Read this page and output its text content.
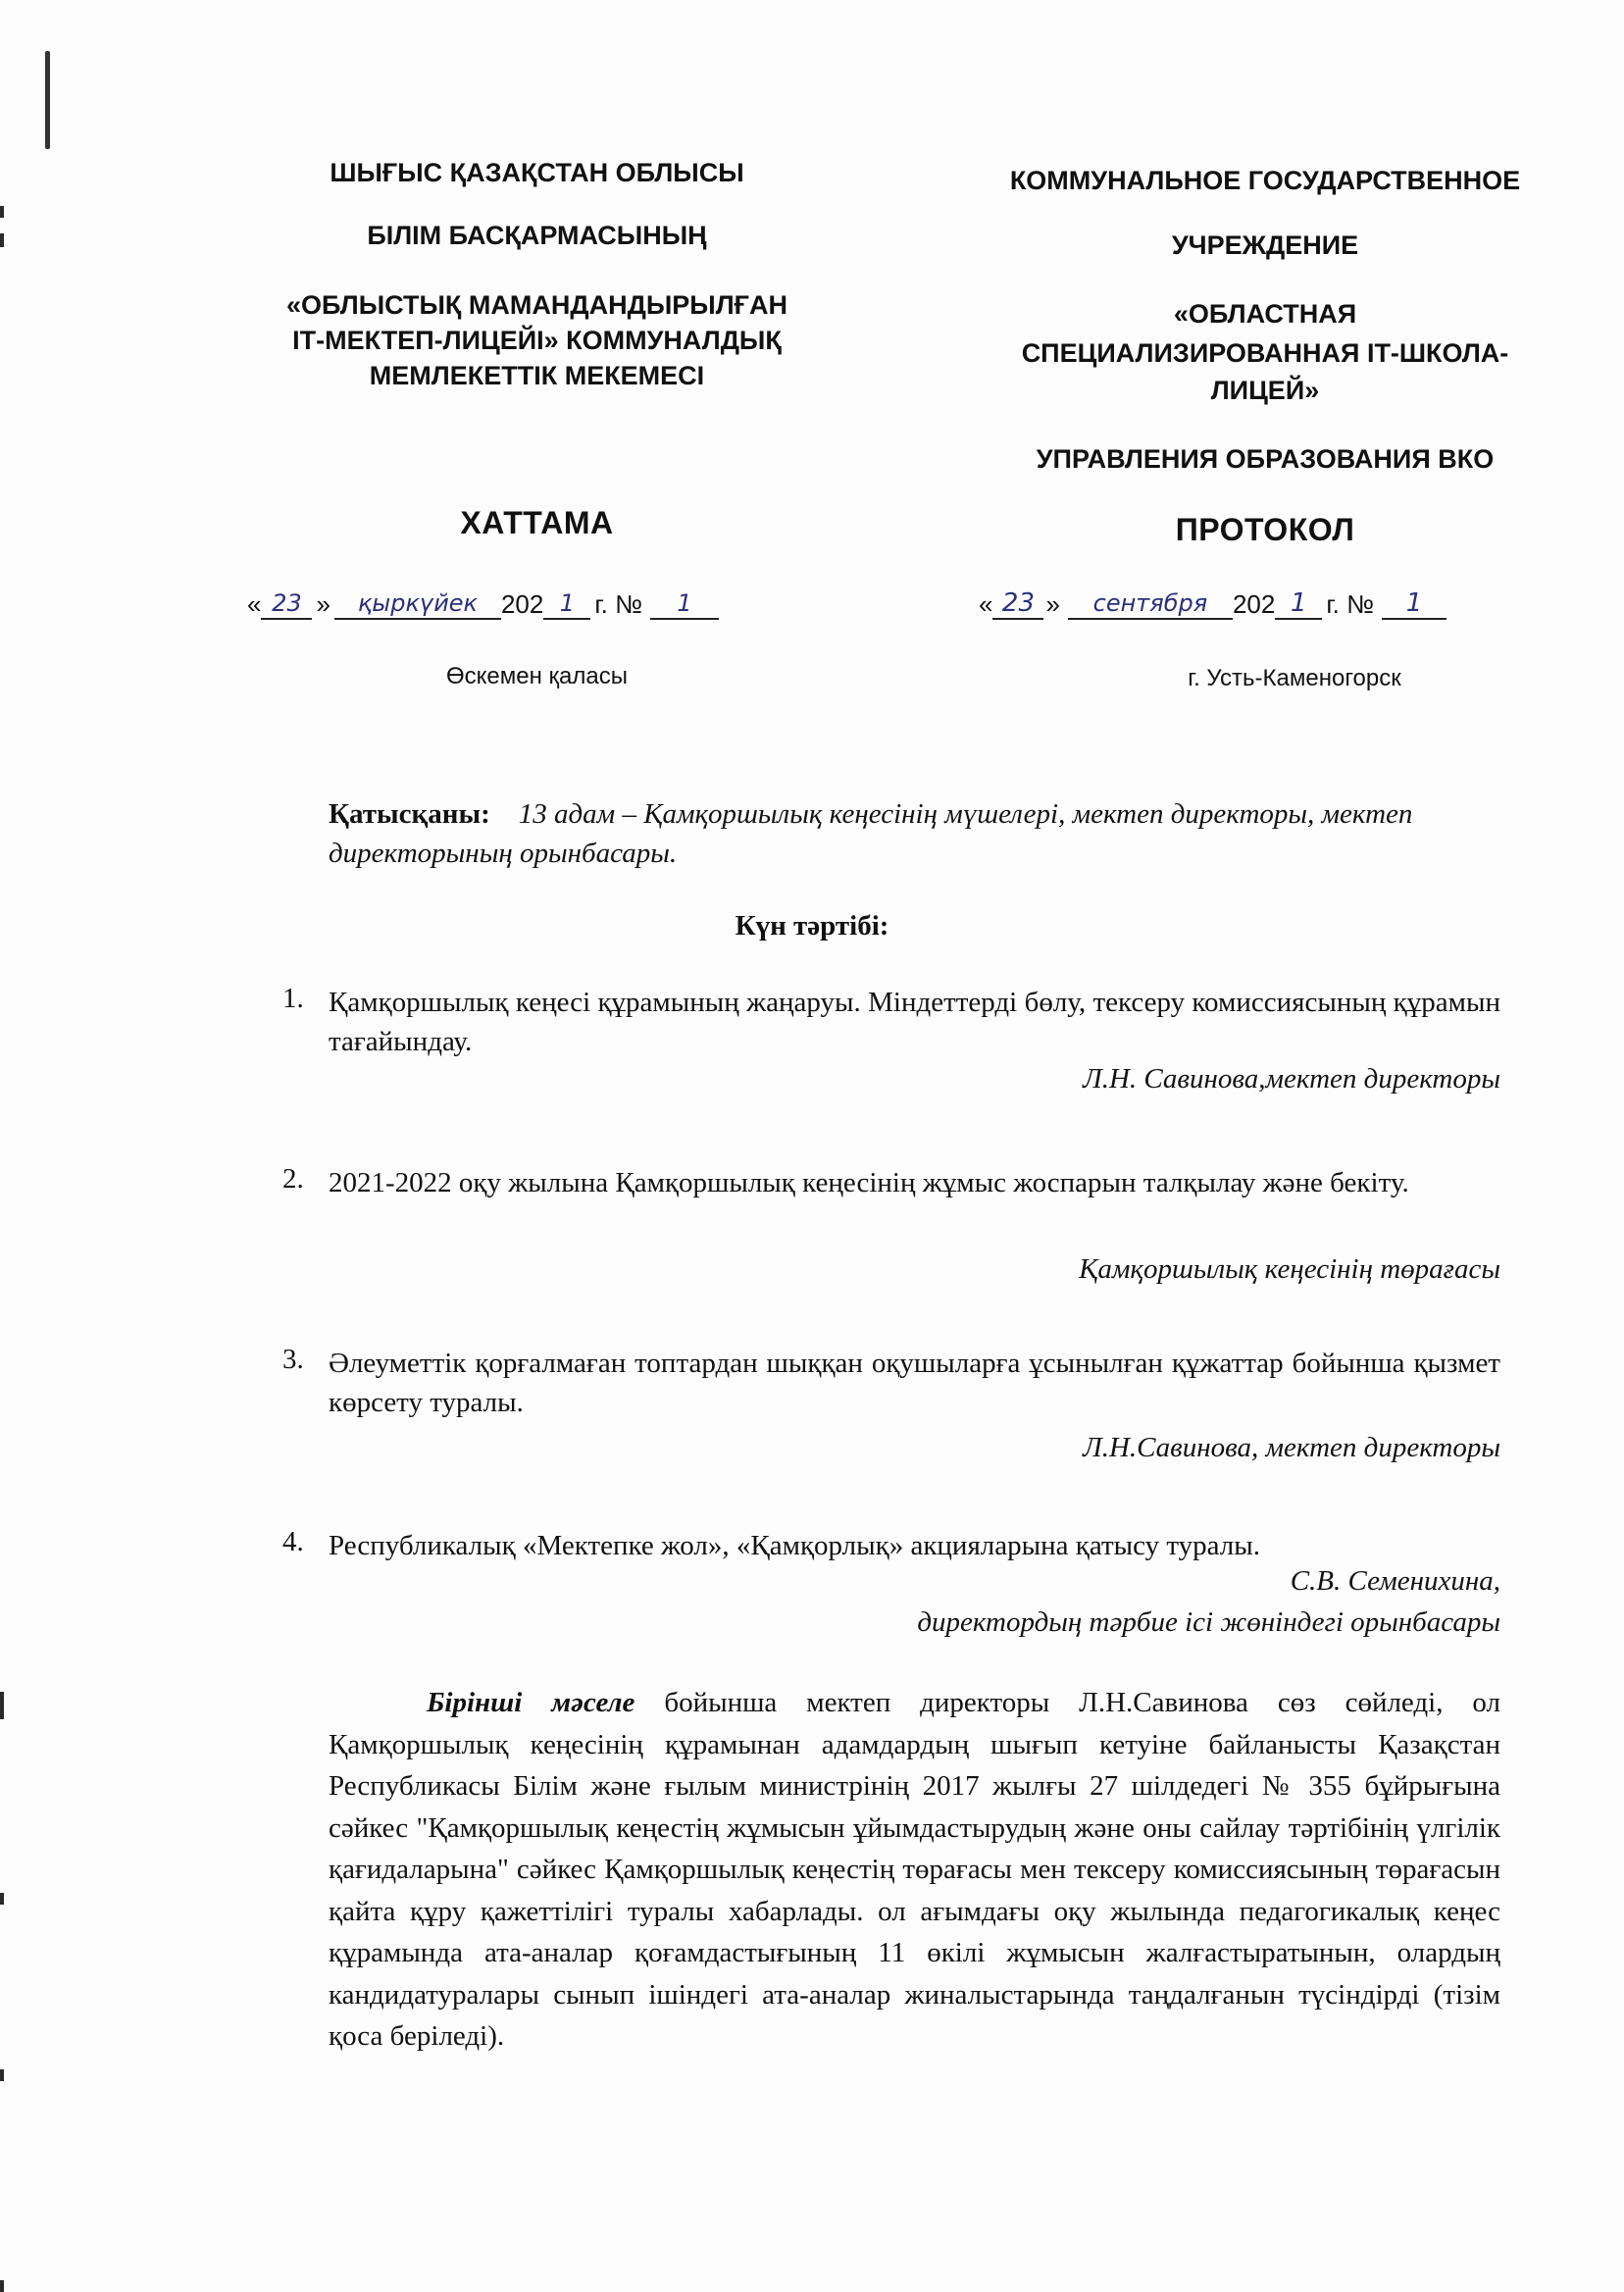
ШЫҒЫС ҚАЗАҚСТАН ОБЛЫСЫ
БІЛІМ БАСҚАРМАСЫНЫҢ
«ОБЛЫСТЫҚ МАМАНДАНДЫРЫЛҒАН
ІТ-МЕКТЕП-ЛИЦЕЙІ» КОММУНАЛДЫҚ
МЕМЛЕКЕТТІК МЕКЕМЕСІ
ХАТТАМА
КОММУНАЛЬНОЕ ГОСУДАРСТВЕННОЕ
УЧРЕЖДЕНИЕ
«ОБЛАСТНАЯ
СПЕЦИАЛИЗИРОВАННАЯ ІТ-ШКОЛА-
ЛИЦЕЙ»
УПРАВЛЕНИЯ ОБРАЗОВАНИЯ ВКО
ПРОТОКОЛ
« 23 »	қыркүйек 202 1 г. №	1	« 23 »	сентября 202 1 г. №	1
Өскемен қаласы	г. Усть-Каменогорск
Қатысқаны: 13 адам – Қамқоршылық кеңесінің мүшелері, мектеп директоры, мектеп директорының орынбасары.
Күн тәртібі:
1. Қамқоршылық кеңесі құрамының жаңаруы. Міндеттерді бөлу, тексеру комиссиясының құрамын тағайындау.
Л.Н. Савинова,мектеп директоры
2. 2021-2022 оқу жылына Қамқоршылық кеңесінің жұмыс жоспарын талқылау және бекіту.
Қамқоршылық кеңесінің төрағасы
3. Әлеуметтік қорғалмаған топтардан шыққан оқушыларға ұсынылған құжаттар бойынша қызмет көрсету туралы.
Л.Н.Савинова, мектеп директоры
4. Республикалық «Мектепке жол», «Қамқорлық» акцияларына қатысу туралы.
С.В. Семенихина,
директордың тәрбие ісі жөніндегі орынбасары
Бірінші мәселе бойынша мектеп директоры Л.Н.Савинова сөз сөйледі, ол Қамқоршылық кеңесінің құрамынан адамдардың шығып кетуіне байланысты Қазақстан Республикасы Білім және ғылым министрінің 2017 жылғы 27 шілдедегі № 355 бұйрығына сәйкес "Қамқоршылық кеңестің жұмысын ұйымдастырудың және оны сайлау тәртібінің үлгілік қағидаларына" сәйкес Қамқоршылық кеңестің төрағасы мен тексеру комиссиясының төрағасын қайта құру қажеттілігі туралы хабарлады. ол ағымдағы оқу жылында педагогикалық кеңес құрамында ата-аналар қоғамдастығының 11 өкілі жұмысын жалғастыратынын, олардың кандидатуралары сынып ішіндегі ата-аналар жиналыстарында таңдалғанын түсіндірді (тізім қоса беріледі).
